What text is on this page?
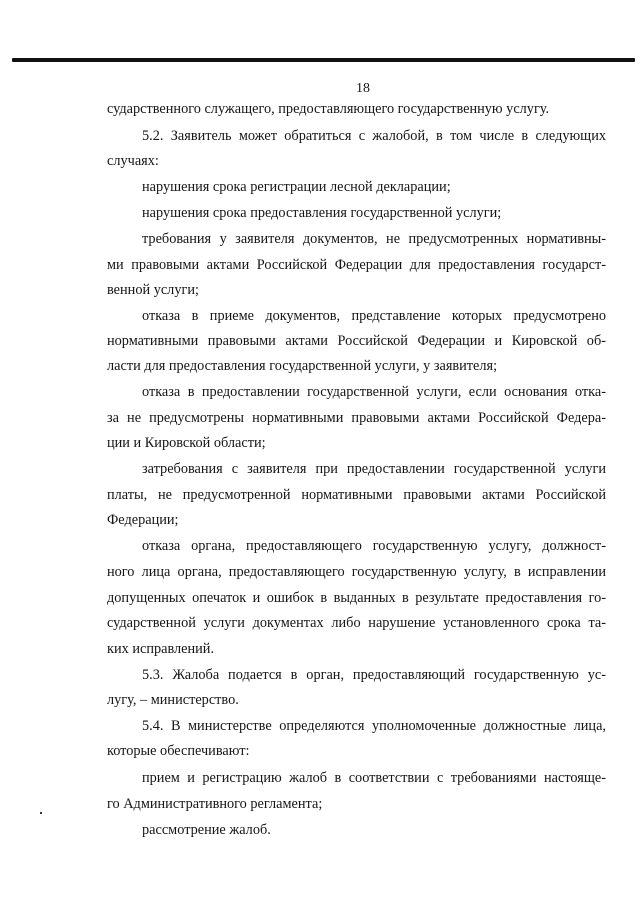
18
сударственного служащего, предоставляющего государственную услугу.
5.2. Заявитель может обратиться с жалобой, в том числе в следующих
случаях:
нарушения срока регистрации лесной декларации;
нарушения срока предоставления государственной услуги;
требования у заявителя документов, не предусмотренных нормативны-
ми правовыми актами Российской Федерации для предоставления государст-
венной услуги;
отказа в приеме документов, представление которых предусмотрено
нормативными правовыми актами Российской Федерации и Кировской об-
ласти для предоставления государственной услуги, у заявителя;
отказа в предоставлении государственной услуги, если основания отка-
за не предусмотрены нормативными правовыми актами Российской Федера-
ции и Кировской области;
затребования с заявителя при предоставлении государственной услуги
платы, не предусмотренной нормативными правовыми актами Российской
Федерации;
отказа органа, предоставляющего государственную услугу, должност-
ного лица органа, предоставляющего государственную услугу, в исправлении
допущенных опечаток и ошибок в выданных в результате предоставления го-
сударственной услуги документах либо нарушение установленного срока та-
ких исправлений.
5.3. Жалоба подается в орган, предоставляющий государственную ус-
лугу, – министерство.
5.4. В министерстве определяются уполномоченные должностные лица,
которые обеспечивают:
прием и регистрацию жалоб в соответствии с требованиями настояще-
го Административного регламента;
рассмотрение жалоб.
